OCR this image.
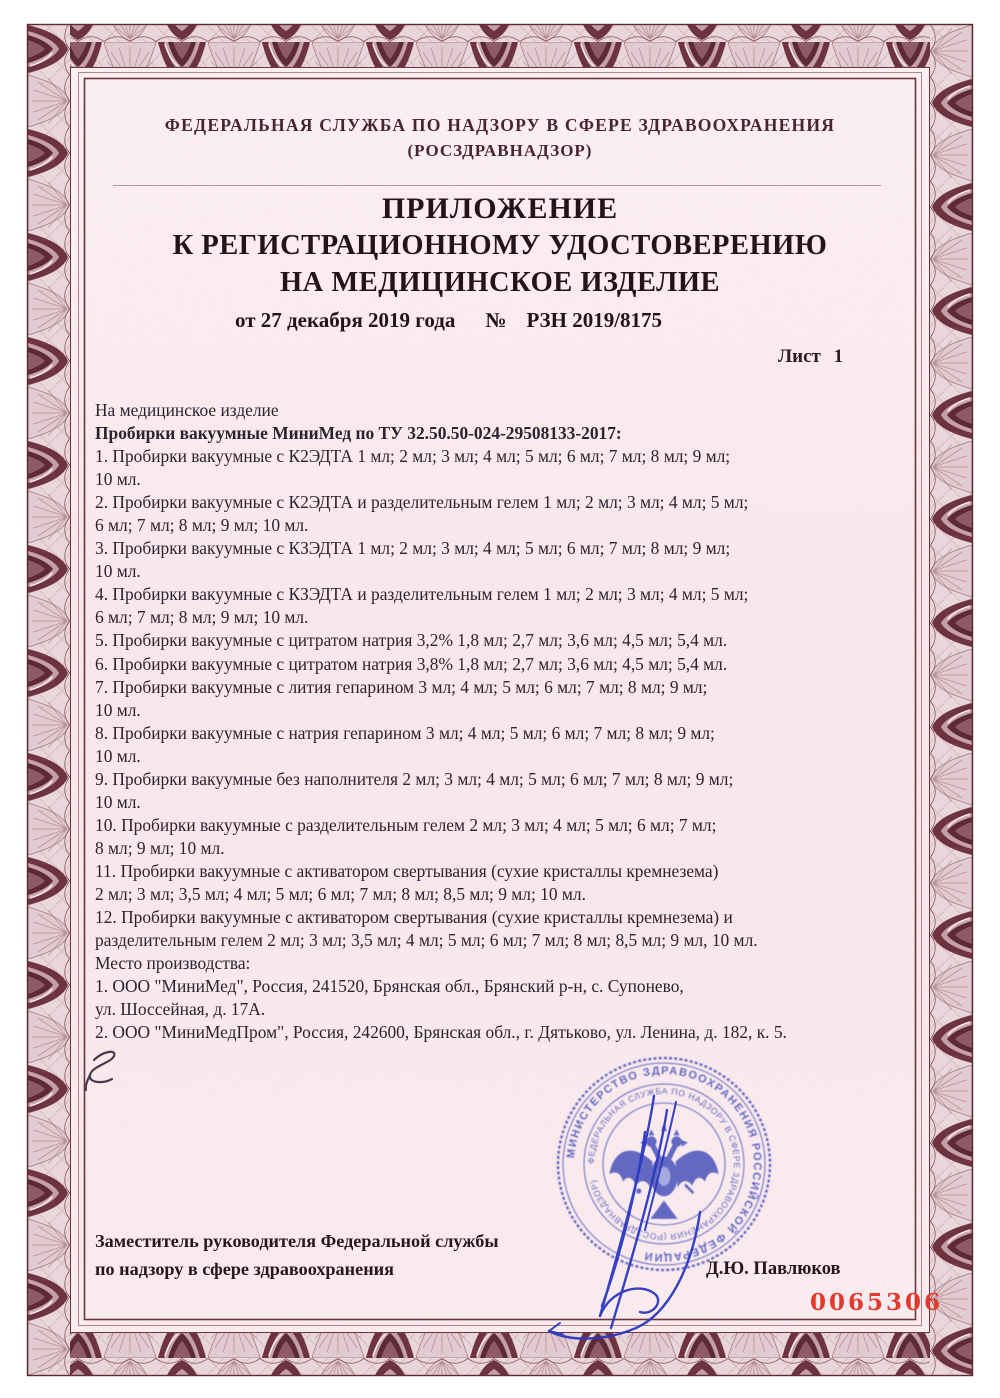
ФЕДЕРАЛЬНАЯ СЛУЖБА ПО НАДЗОРУ В СФЕРЕ ЗДРАВООХРАНЕНИЯ
(РОСЗДРАВНАДЗОР)
ПРИЛОЖЕНИЕ
К РЕГИСТРАЦИОННОМУ УДОСТОВЕРЕНИЮ
НА МЕДИЦИНСКОЕ ИЗДЕЛИЕ
от 27 декабря 2019 года № РЗН 2019/8175
Лист 1
На медицинское изделие
Пробирки вакуумные МиниМед по ТУ 32.50.50-024-29508133-2017:
1. Пробирки вакуумные с К2ЭДТА 1 мл; 2 мл; 3 мл; 4 мл; 5 мл; 6 мл; 7 мл; 8 мл; 9 мл;
10 мл.
2. Пробирки вакуумные с К2ЭДТА и разделительным гелем 1 мл; 2 мл; 3 мл; 4 мл; 5 мл;
6 мл; 7 мл; 8 мл; 9 мл; 10 мл.
3. Пробирки вакуумные с КЗЭДТА 1 мл; 2 мл; 3 мл; 4 мл; 5 мл; 6 мл; 7 мл; 8 мл; 9 мл;
10 мл.
4. Пробирки вакуумные с КЗЭДТА и разделительным гелем 1 мл; 2 мл; 3 мл; 4 мл; 5 мл;
6 мл; 7 мл; 8 мл; 9 мл; 10 мл.
5. Пробирки вакуумные с цитратом натрия 3,2% 1,8 мл; 2,7 мл; 3,6 мл; 4,5 мл; 5,4 мл.
6. Пробирки вакуумные с цитратом натрия 3,8% 1,8 мл; 2,7 мл; 3,6 мл; 4,5 мл; 5,4 мл.
7. Пробирки вакуумные с лития гепарином 3 мл; 4 мл; 5 мл; 6 мл; 7 мл; 8 мл; 9 мл;
10 мл.
8. Пробирки вакуумные с натрия гепарином 3 мл; 4 мл; 5 мл; 6 мл; 7 мл; 8 мл; 9 мл;
10 мл.
9. Пробирки вакуумные без наполнителя 2 мл; 3 мл; 4 мл; 5 мл; 6 мл; 7 мл; 8 мл; 9 мл;
10 мл.
10. Пробирки вакуумные с разделительным гелем 2 мл; 3 мл; 4 мл; 5 мл; 6 мл; 7 мл;
8 мл; 9 мл; 10 мл.
11. Пробирки вакуумные с активатором свертывания (сухие кристаллы кремнезема)
2 мл; 3 мл; 3,5 мл; 4 мл; 5 мл; 6 мл; 7 мл; 8 мл; 8,5 мл; 9 мл; 10 мл.
12. Пробирки вакуумные с активатором свертывания (сухие кристаллы кремнезема) и
разделительным гелем 2 мл; 3 мл; 3,5 мл; 4 мл; 5 мл; 6 мл; 7 мл; 8 мл; 8,5 мл; 9 мл, 10 мл.
Место производства:
1. ООО "МиниМед", Россия, 241520, Брянская обл., Брянский р-н, с. Супонево,
ул. Шоссейная, д. 17А.
2. ООО "МиниМедПром", Россия, 242600, Брянская обл., г. Дятьково, ул. Ленина, д. 182, к. 5.
Заместитель руководителя Федеральной службы
по надзору в сфере здравоохранения	Д.Ю. Павлюков
0065306
МИНИСТЕРСТВО ЗДРАВООХРАНЕНИЯ РОССИЙСКОЙ ФЕДЕРАЦИИ
ФЕДЕРАЛЬНАЯ СЛУЖБА ПО НАДЗОРУ В СФЕРЕ ЗДРАВООХРАНЕНИЯ (РОСЗДРАВНАДЗОР)
